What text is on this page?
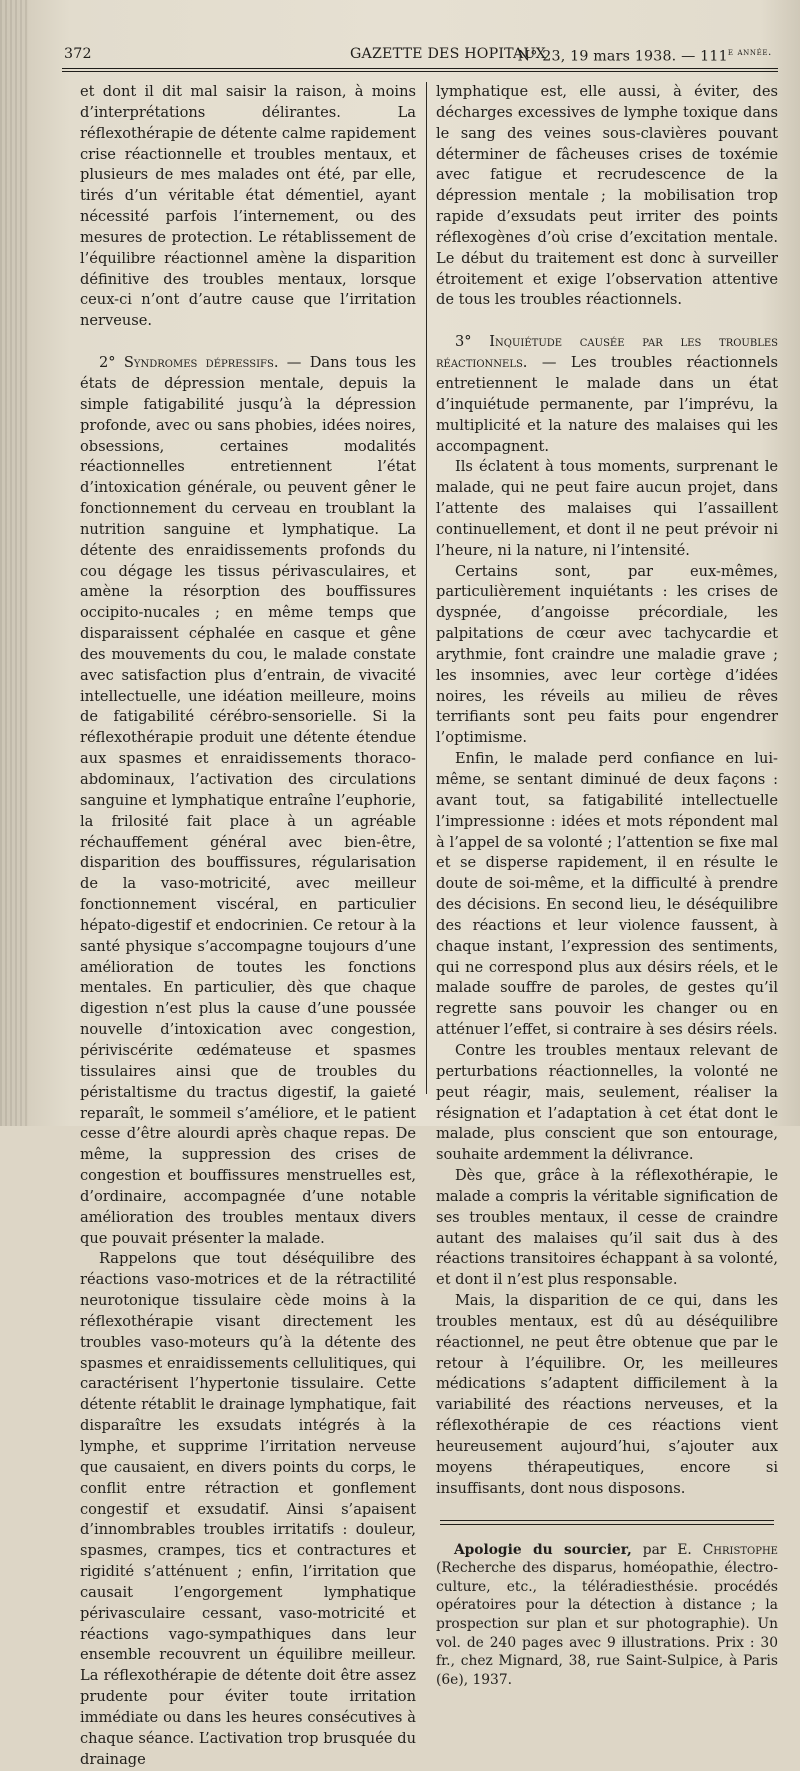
372	GAZETTE DES HOPITAUX
N° 23, 19 mars 1938. — $111^{e année.}$

et dont il dit mal saisir la raison, à moins d’interprétations délirantes. La réflexothérapie de détente calme rapidement crise réactionnelle et troubles mentaux, et plusieurs de mes malades ont été, par elle, tirés d’un véritable état démentiel, ayant nécessité parfois l’internement, ou des mesures de protection. Le rétablissement de l’équilibre réactionnel amène la disparition définitive des troubles mentaux, lorsque ceux-ci n’ont d’autre cause que l’irritation nerveuse.

2° Syndromes dépressifs. — Dans tous les états de dépression mentale, depuis la simple fatigabilité jusqu’à la dépression profonde, avec ou sans phobies, idées noires, obsessions, certaines modalités réactionnelles entretiennent l’état d’intoxication générale, ou peuvent gêner le fonctionnement du cerveau en troublant la nutrition sanguine et lymphatique. La détente des enraidissements profonds du cou dégage les tissus périvasculaires, et amène la résorption des bouffissures occipito-nucales ; en même temps que disparaissent céphalée en casque et gêne des mouvements du cou, le malade constate avec satisfaction plus d’entrain, de vivacité intellectuelle, une idéation meilleure, moins de fatigabilité cérébro-sensorielle. Si la réflexothérapie produit une détente étendue aux spasmes et enraidissements thoraco-abdominaux, l’activation des circulations sanguine et lymphatique entraîne l’euphorie, la frilosité fait place à un agréable réchauffement général avec bien-être, disparition des bouffissures, régularisation de la vaso-motricité, avec meilleur fonctionnement viscéral, en particulier hépato-digestif et endocrinien. Ce retour à la santé physique s’accompagne toujours d’une amélioration de toutes les fonctions mentales. En particulier, dès que chaque digestion n’est plus la cause d’une poussée nouvelle d’intoxication avec congestion, périviscérite œdémateuse et spasmes tissulaires ainsi que de troubles du péristaltisme du tractus digestif, la gaieté reparaît, le sommeil s’améliore, et le patient cesse d’être alourdi après chaque repas. De même, la suppression des crises de congestion et bouffissures menstruelles est, d’ordinaire, accompagnée d’une notable amélioration des troubles mentaux divers que pouvait présenter la malade.

Rappelons que tout déséquilibre des réactions vaso-motrices et de la rétractilité neurotonique tissulaire cède moins à la réflexothérapie visant directement les troubles vaso-moteurs qu’à la détente des spasmes et enraidissements cellulitiques, qui caractérisent l’hypertonie tissulaire. Cette détente rétablit le drainage lymphatique, fait disparaître les exsudats intégrés à la lymphe, et supprime l’irritation nerveuse que causaient, en divers points du corps, le conflit entre rétraction et gonflement congestif et exsudatif. Ainsi s’apaisent d’innombrables troubles irritatifs : douleur, spasmes, crampes, tics et contractures et rigidité s’atténuent ; enfin, l’irritation que causait l’engorgement lymphatique périvasculaire cessant, vaso-motricité et réactions vago-sympathiques dans leur ensemble recouvrent un équilibre meilleur. La réflexothérapie de détente doit être assez prudente pour éviter toute irritation immédiate ou dans les heures consécutives à chaque séance. L’activation trop brusquée du drainage

lymphatique est, elle aussi, à éviter, des décharges excessives de lymphe toxique dans le sang des veines sous-clavières pouvant déterminer de fâcheuses crises de toxémie avec fatigue et recrudescence de la dépression mentale ; la mobilisation trop rapide d’exsudats peut irriter des points réflexogènes d’où crise d’excitation mentale. Le début du traitement est donc à surveiller étroitement et exige l’observation attentive de tous les troubles réactionnels.

3° Inquiétude causée par les troubles réactionnels. — Les troubles réactionnels entretiennent le malade dans un état d’inquiétude permanente, par l’imprévu, la multiplicité et la nature des malaises qui les accompagnent.

Ils éclatent à tous moments, surprenant le malade, qui ne peut faire aucun projet, dans l’attente des malaises qui l’assaillent continuellement, et dont il ne peut prévoir ni l’heure, ni la nature, ni l’intensité.

Certains sont, par eux-mêmes, particulièrement inquiétants : les crises de dyspnée, d’angoisse précordiale, les palpitations de cœur avec tachycardie et arythmie, font craindre une maladie grave ; les insomnies, avec leur cortège d’idées noires, les réveils au milieu de rêves terrifiants sont peu faits pour engendrer l’optimisme.

Enfin, le malade perd confiance en lui-même, se sentant diminué de deux façons : avant tout, sa fatigabilité intellectuelle l’impressionne : idées et mots répondent mal à l’appel de sa volonté ; l’attention se fixe mal et se disperse rapidement, il en résulte le doute de soi-même, et la difficulté à prendre des décisions. En second lieu, le déséquilibre des réactions et leur violence faussent, à chaque instant, l’expression des sentiments, qui ne correspond plus aux désirs réels, et le malade souffre de paroles, de gestes qu’il regrette sans pouvoir les changer ou en atténuer l’effet, si contraire à ses désirs réels.

Contre les troubles mentaux relevant de perturbations réactionnelles, la volonté ne peut réagir, mais, seulement, réaliser la résignation et l’adaptation à cet état dont le malade, plus conscient que son entourage, souhaite ardemment la délivrance.

Dès que, grâce à la réflexothérapie, le malade a compris la véritable signification de ses troubles mentaux, il cesse de craindre autant des malaises qu’il sait dus à des réactions transitoires échappant à sa volonté, et dont il n’est plus responsable.

Mais, la disparition de ce qui, dans les troubles mentaux, est dû au déséquilibre réactionnel, ne peut être obtenue que par le retour à l’équilibre. Or, les meilleures médications s’adaptent difficilement à la variabilité des réactions nerveuses, et la réflexothérapie de ces réactions vient heureusement aujourd’hui, s’ajouter aux moyens thérapeutiques, encore si insuffisants, dont nous disposons.

Apologie du sourcier, par E. Christophe (Recherche des disparus, homéopathie, électro-culture, etc., la téléradiesthésie. procédés opératoires pour la détection à distance ; la prospection sur plan et sur photographie). Un vol. de 240 pages avec 9 illustrations. Prix : 30 fr., chez Mignard, 38, rue Saint-Sulpice, à Paris (6e), 1937.
